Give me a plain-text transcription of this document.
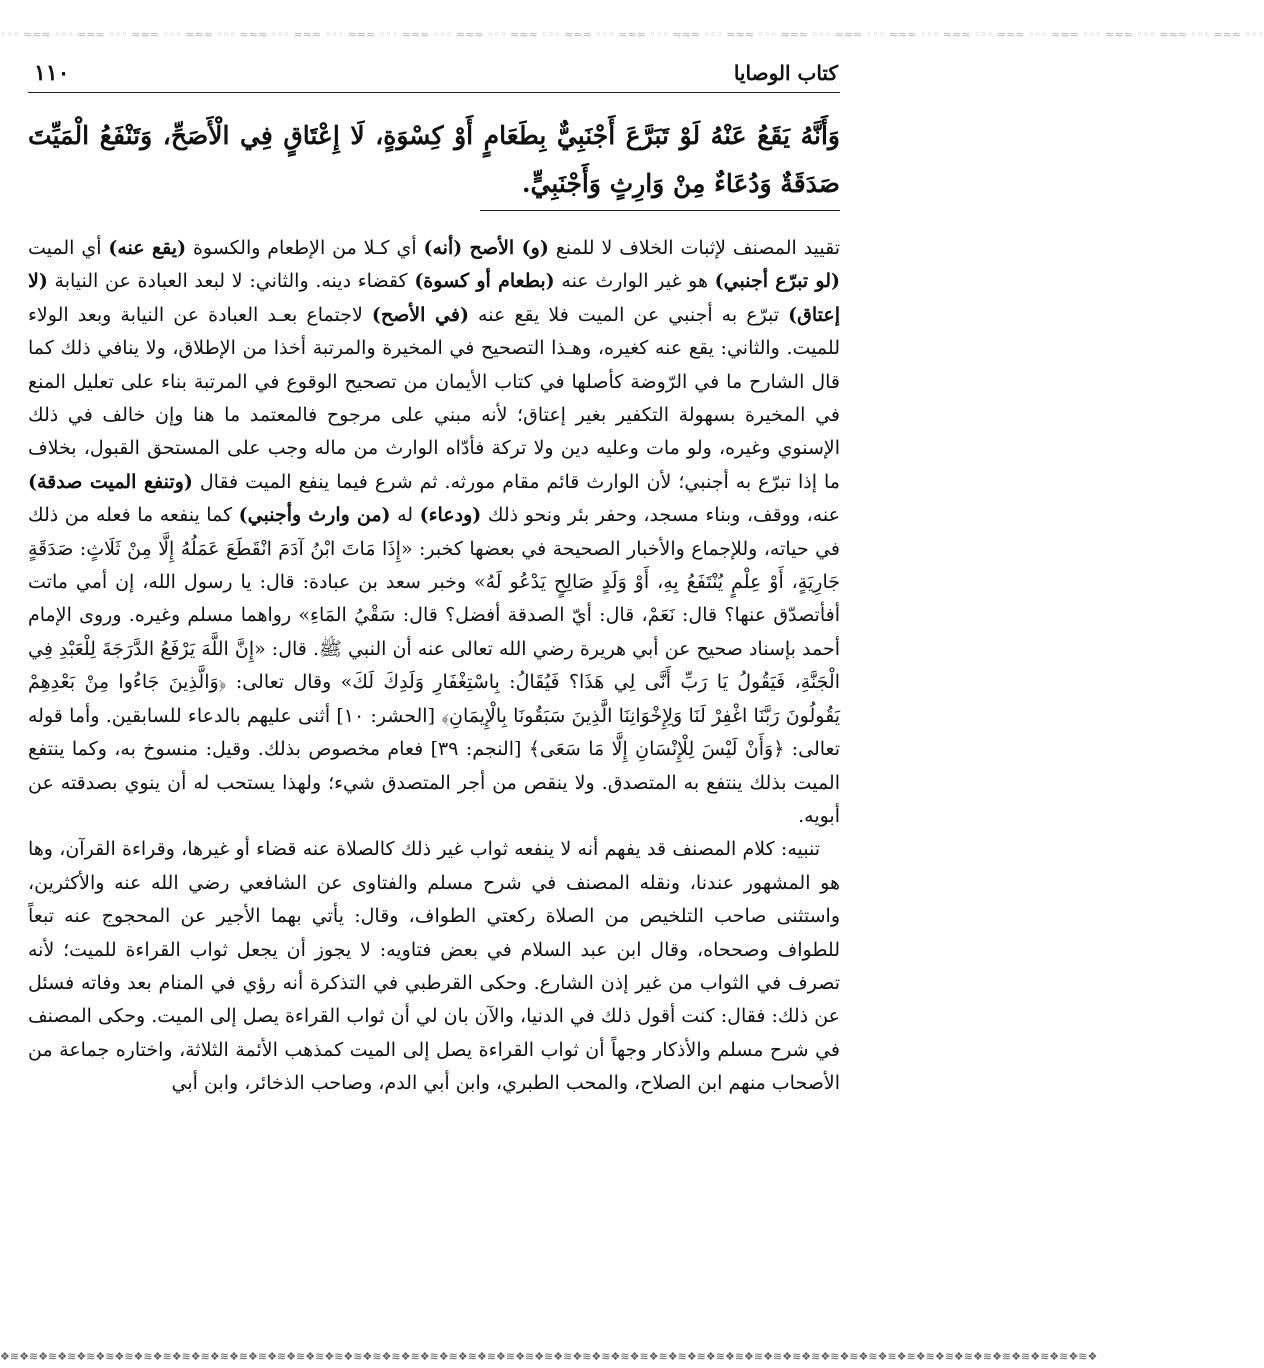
◦◦◦ ≈≈≈ ◦◦◦ ≈≈≈ ◦◦◦ ≈≈≈ ◦◦◦ ≈≈≈ ◦◦◦ ≈≈≈ ◦◦◦ ≈≈≈ ◦◦◦ ≈≈≈ ◦◦◦ ≈≈≈ ◦◦◦ ≈≈≈ ◦◦◦ ≈≈≈ ◦◦◦ ≈≈≈ ◦◦◦ ≈≈≈ ◦◦◦ ≈≈≈ ◦◦◦ ≈≈≈ ◦◦◦ ≈≈≈ ◦◦◦ ≈≈≈ ◦◦◦ ≈≈≈ ◦◦◦ ≈≈≈ ◦◦◦ ≈≈≈ ◦◦◦ ≈≈≈ ◦◦◦ ≈≈≈ ◦◦◦ ≈≈≈ ◦◦◦ ≈≈≈ ◦◦◦
كتاب الوصايا
١١٠

وَأَنَّهُ يَقَعُ عَنْهُ لَوْ تَبَرَّعَ أَجْنَبِيٌّ بِطَعَامٍ أَوْ كِسْوَةٍ، لَا إِعْتَاقٍ فِي الْأَصَحِّ، وَتَنْفَعُ الْمَيِّتَ صَدَقَةٌ وَدُعَاءٌ مِنْ وَارِثٍ وَأَجْنَبِيٍّ.

تقييد المصنف لإثبات الخلاف لا للمنع (و) الأصح (أنه) أي كـلا من الإطعام والكسوة (يقع عنه) أي الميت (لو تبرّع أجنبي) هو غير الوارث عنه (بطعام أو كسوة) كقضاء دينه. والثاني: لا لبعد العبادة عن النيابة (لا إعتاق) تبرّع به أجنبي عن الميت فلا يقع عنه (في الأصح) لاجتماع بعـد العبادة عن النيابة وبعد الولاء للميت. والثاني: يقع عنه كغيره، وهـذا التصحيح في المخيرة والمرتبة أخذا من الإطلاق، ولا ينافي ذلك كما قال الشارح ما في الرّوضة كأصلها في كتاب الأيمان من تصحيح الوقوع في المرتبة بناء على تعليل المنع في المخيرة بسهولة التكفير بغير إعتاق؛ لأنه مبني على مرجوح فالمعتمد ما هنا وإن خالف في ذلك الإسنوي وغيره، ولو مات وعليه دين ولا تركة فأدّاه الوارث من ماله وجب على المستحق القبول، بخلاف ما إذا تبرّع به أجنبي؛ لأن الوارث قائم مقام مورثه. ثم شرع فيما ينفع الميت فقال (وتنفع الميت صدقة) عنه، ووقف، وبناء مسجد، وحفر بئر ونحو ذلك (ودعاء) له (من وارث وأجنبي) كما ينفعه ما فعله من ذلك في حياته، وللإجماع والأخبار الصحيحة في بعضها كخبر: «إِذَا مَاتَ ابْنُ آدَمَ انْقَطَعَ عَمَلُهُ إِلَّا مِنْ ثَلَاثٍ: صَدَقَةٍ جَارِيَةٍ، أَوْ عِلْمٍ يُنْتَفَعُ بِهِ، أَوْ وَلَدٍ صَالِحٍ يَدْعُو لَهُ» وخبر سعد بن عبادة: قال: يا رسول الله، إن أمي ماتت أفأتصدّق عنها؟ قال: نَعَمْ، قال: أيّ الصدقة أفضل؟ قال: سَقْيُ المَاءِ» رواهما مسلم وغيره. وروى الإمام أحمد بإسناد صحيح عن أبي هريرة رضي الله تعالى عنه أن النبي ﷺ. قال: «إِنَّ اللَّهَ يَرْفَعُ الدَّرَجَةَ لِلْعَبْدِ فِي الْجَنَّةِ، فَيَقُولُ يَا رَبِّ أَنَّى لِي هَذَا؟ فَيُقَالُ: بِاسْتِغْفَارِ وَلَدِكَ لَكَ» وقال تعالى: ﴿وَالَّذِينَ جَاءُوا مِنْ بَعْدِهِمْ يَقُولُونَ رَبَّنَا اغْفِرْ لَنَا وَلِإِخْوَانِنَا الَّذِينَ سَبَقُونَا بِالْإِيمَانِ﴾ [الحشر: ١٠] أثنى عليهم بالدعاء للسابقين. وأما قوله تعالى: ﴿وَأَنْ لَيْسَ لِلْإِنْسَانِ إِلَّا مَا سَعَى﴾ [النجم: ٣٩] فعام مخصوص بذلك. وقيل: منسوخ به، وكما ينتفع الميت بذلك ينتفع به المتصدق. ولا ينقص من أجر المتصدق شيء؛ ولهذا يستحب له أن ينوي بصدقته عن أبويه.

تنبيه: كلام المصنف قد يفهم أنه لا ينفعه ثواب غير ذلك كالصلاة عنه قضاء أو غيرها، وقراءة القرآن، وها هو المشهور عندنا، ونقله المصنف في شرح مسلم والفتاوى عن الشافعي رضي الله عنه والأكثرين، واستثنى صاحب التلخيص من الصلاة ركعتي الطواف، وقال: يأتي بهما الأجير عن المحجوج عنه تبعاً للطواف وصححاه، وقال ابن عبد السلام في بعض فتاويه: لا يجوز أن يجعل ثواب القراءة للميت؛ لأنه تصرف في الثواب من غير إذن الشارع. وحكى القرطبي في التذكرة أنه رؤي في المنام بعد وفاته فسئل عن ذلك: فقال: كنت أقول ذلك في الدنيا، والآن بان لي أن ثواب القراءة يصل إلى الميت. وحكى المصنف في شرح مسلم والأذكار وجهاً أن ثواب القراءة يصل إلى الميت كمذهب الأئمة الثلاثة، واختاره جماعة من الأصحاب منهم ابن الصلاح، والمحب الطبري، وابن أبي الدم، وصاحب الذخائر، وابن أبي

❖≋❖≋❖≋❖≋❖≋❖≋❖≋❖≋❖≋❖≋❖≋❖≋❖≋❖≋❖≋❖≋❖≋❖≋❖≋❖≋❖≋❖≋❖≋❖≋❖≋❖≋❖≋❖≋❖≋❖≋❖≋❖≋❖≋❖≋❖≋❖≋❖≋❖≋❖≋❖≋❖≋❖≋❖≋❖≋❖≋❖≋❖≋❖≋❖≋❖≋❖≋❖≋❖≋❖≋❖≋❖≋❖≋❖
